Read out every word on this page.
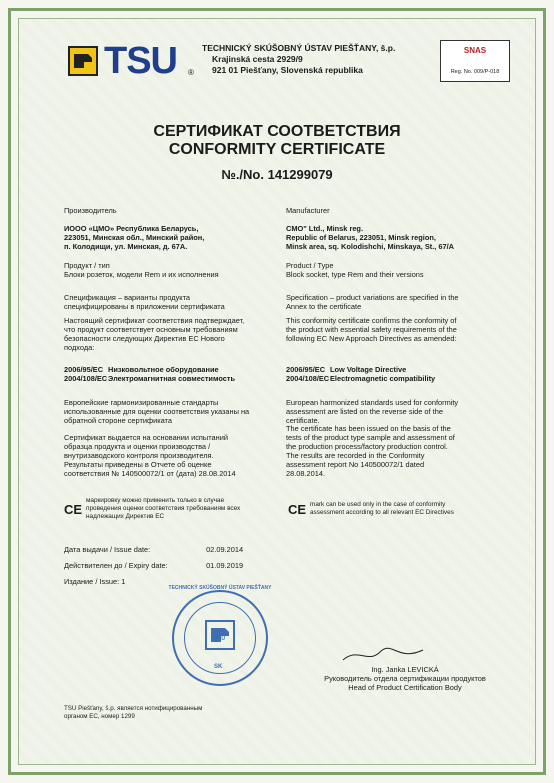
TSU ®
TECHNICKÝ SKÚŠOBNÝ ÚSTAV PIEŠŤANY, š.p.
Krajinská cesta 2929/9
921 01 Piešťany, Slovenská republika
SNAS
Reg. No. 009/P-018
СЕРТИФИКАТ СООТВЕТСТВИЯ
CONFORMITY CERTIFICATE
№./No. 141299079
Производитель
ИООО «ЦМО» Республика Беларусь,
223051, Минская обл., Минский район,
п. Колодищи, ул. Минская, д. 67А.
Продукт / тип
Блоки розеток, модели Rem и их исполнения
Спецификация – варианты продукта
специфицированы в приложении сертификата
Настоящий сертификат соответствия подтверждает,
что продукт соответствует основным требованиям
безопасности следующих Директив ЕС Нового
подхода:
2006/95/EC Низковольтное оборудование
2004/108/EC Электромагнитная совместимость
Европейские гармонизированные стандарты
использованные для оценки соответствия указаны на
обратной стороне сертификата
Сертификат выдается на основании испытаний
образца продукта и оценки производства /
внутризаводского контроля производителя.
Результаты приведены в Отчете об оценке
соответствия № 140500072/1 от (дата) 28.08.2014
CE
маркировку можно применить только в случае
проведения оценки соответствия требованиям всех
надлежащих Директив ЕС
Manufacturer
CMO" Ltd., Minsk reg.
Republic of Belarus, 223051, Minsk region,
Minsk area, sq. Kolodishchi, Minskaya, St., 67/A
Product / Type
Block socket, type Rem and their versions
Specification – product variations are specified in the
Annex to the certificate
This conformity certificate confirms the conformity of
the product with essential safety requirements of the
following EC New Approach Directives as amended:
2006/95/EC Low Voltage Directive
2004/108/EC Electromagnetic compatibility
European harmonized standards used for conformity
assessment are listed on the reverse side of the
certificate.
The certificate has been issued on the basis of the
tests of the product type sample and assessment of
the production process/factory production control.
The results are recorded in the Conformity
assessment report No 140500072/1 dated
28.08.2014.
CE mark can be used only in the case of conformity
assessment according to all relevant EC Directives
Дата выдачи / Issue date:	02.09.2014
Действителен до / Expiry date:	01.09.2019
Издание / Issue: 1
TSU
SK
TECHNICKÝ SKÚŠOBNÝ ÚSTAV PIEŠŤANY
Ing. Janka LEVICKÁ
Руководитель отдела сертификации продуктов
Head of Product Certification Body
TSU Piešťany, š.p. является нотифицированным
органом ЕС, номер 1299
